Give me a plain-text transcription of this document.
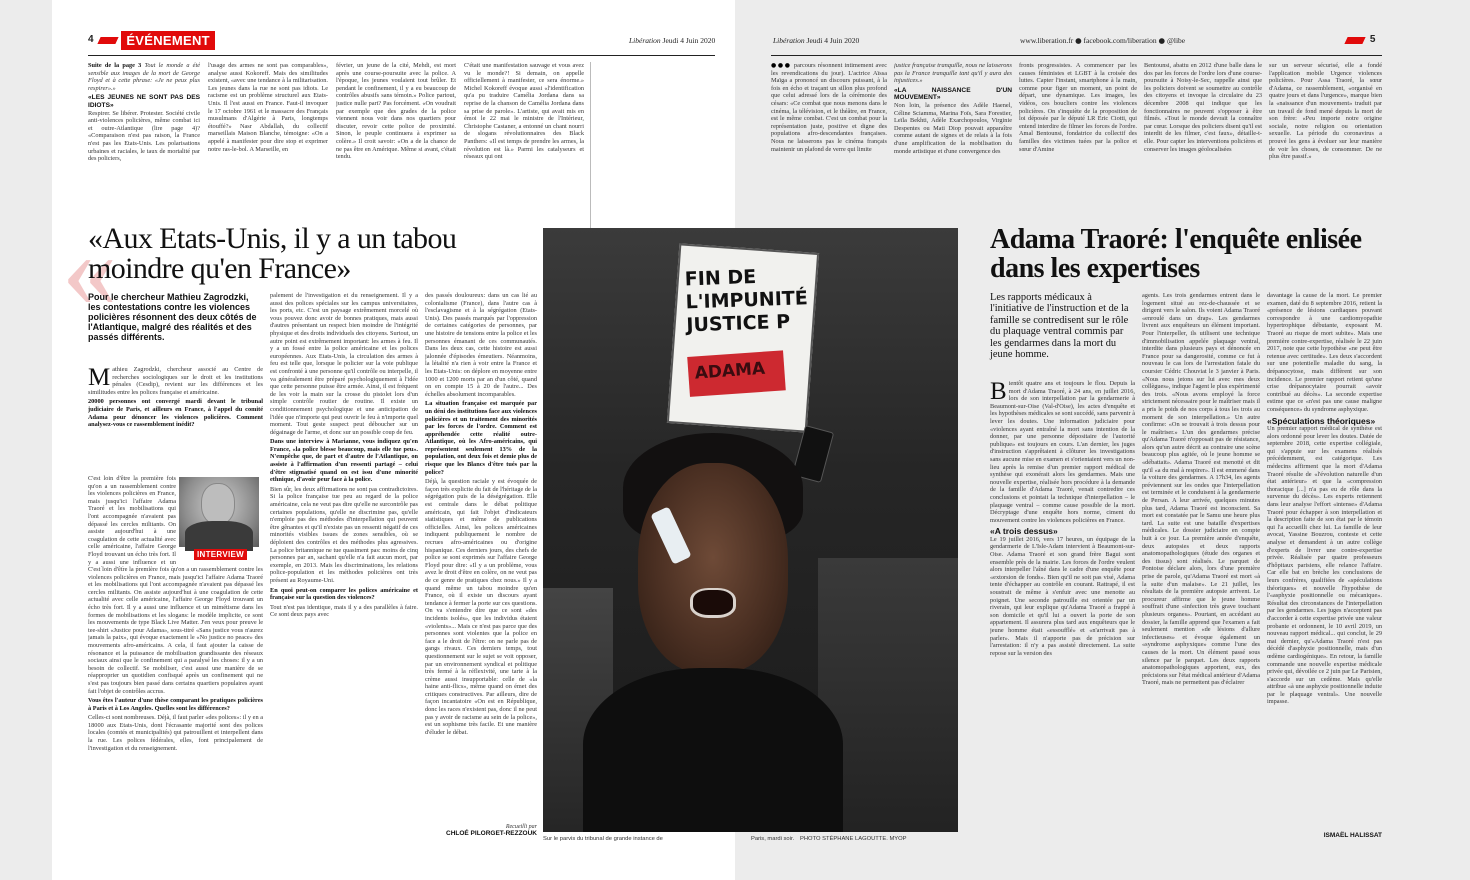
4	ÉVÉNEMENT	Libération Jeudi 4 Juin 2020
Suite de la page 3 Tout le monde a été sensible aux images de la mort de George Floyd et à cette phrase: «Je ne peux plus respirer».»
«LES JEUNES NE SONT PAS DES IDIOTS»
Respirer. Se libérer. Protester. Société civile anti-violences policières, même combat ici et outre-Atlantique (lire page 4)? «Comparaison n'est pas raison, la France n'est pas les Etats-Unis. Les polarisations urbaines et raciales, le taux de mortalité par des policiers,
l'usage des armes ne sont pas comparables», analyse aussi Kokoreff. Mais des similitudes existent, «avec une tendance à la militarisation. Les jeunes dans la rue ne sont pas idiots. Le racisme est un problème structurel aux Etats-Unis. Il l'est aussi en France. Faut-il invoquer le 17 octobre 1961 et le massacre des Français musulmans d'Algérie à Paris, longtemps étouffé?» Nasr Abdallah, du collectif marseillais Maison Blanche, témoigne: «On a appelé à manifester pour dire stop et exprimer notre ras-le-bol. A Marseille, en
février, un jeune de la cité, Mehdi, est mort après une course-poursuite avec la police. A l'époque, les jeunes voulaient tout brûler. Et pendant le confinement, il y a eu beaucoup de contrôles abusifs sans témoin.» Police partout, justice nulle part? Pas forcément. «On voudrait par exemple que des grades de la police viennent nous voir dans nos quartiers pour discuter, revoir cette police de proximité. Sinon, le peuple continuera à exprimer sa colère.» Il croit savoir: «On a de la chance de ne pas être en Amérique. Même si avant, c'était tendu.
C'était une manifestation sauvage et vous avez vu le monde?! Si demain, on appelle officiellement à manifester, ce sera énorme.» Michel Kokoreff évoque aussi «l'identification qu'a pu traduire Camélia Jordana dans sa reprise de la chanson de Camélia Jordana dans sa prise de parole». L'artiste, qui avait mis en émoi le 22 mai le ministre de l'Intérieur, Christophe Castaner, a entonné un chant nourri de slogans révolutionnaires des Black Panthers: «Il est temps de prendre les armes, la révolution est là.» Parmi les catalyseurs et réseaux qui ont
«
«Aux Etats-Unis, il y a un tabou moindre qu'en France»
Pour le chercheur Mathieu Zagrodzki, les contestations contre les violences policières résonnent des deux côtés de l'Atlantique, malgré des réalités et des passés différents.
M athieu Zagrodzki, chercheur associé au Centre de recherches sociologiques sur le droit et les institutions pénales (Cesdip), revient sur les différences et les similitudes entre les polices française et américaine.
20000 personnes ont convergé mardi devant le tribunal judiciaire de Paris, et ailleurs en France, à l'appel du comité Adama pour dénoncer les violences policières. Comment analysez-vous ce rassemblement inédit?
C'est loin d'être la première fois qu'on a un rassemblement contre les violences policières en France, mais jusqu'ici l'affaire Adama Traoré et les mobilisations qui l'ont accompagnée n'avaient pas dépassé les cercles militants. On assiste aujourd'hui à une coagulation de cette actualité avec celle américaine, l'affaire George Floyd trouvant un écho très fort. Il y a aussi une influence et un
INTERVIEW
C'est loin d'être la première fois qu'on a un rassemblement contre les violences policières en France, mais jusqu'ici l'affaire Adama Traoré et les mobilisations qui l'ont accompagnée n'avaient pas dépassé les cercles militants. On assiste aujourd'hui à une coagulation de cette actualité avec celle américaine, l'affaire George Floyd trouvant un écho très fort. Il y a aussi une influence et un mimétisme dans les formes de mobilisations et les slogans: le modèle implicite, ce sont les mouvements de type Black Live Matter. J'en veux pour preuve le tee-shirt «Justice pour Adama», sous-titré «Sans justice vous n'aurez jamais la paix», qui évoque exactement le «No justice no peace» des mouvements afro-américains. A cela, il faut ajouter la caisse de résonance et la puissance de mobilisation grandissante des réseaux sociaux ainsi que le confinement qui a paralysé les choses: il y a un besoin de collectif. Se mobiliser, c'est aussi une manière de se réapproprier un quotidien confisqué après un confinement qui ne s'est pas toujours bien passé dans certains quartiers populaires ayant fait l'objet de contrôles accrus.
Vous êtes l'auteur d'une thèse comparant les pratiques policières à Paris et à Los Angeles. Quelles sont les différences?
Celles-ci sont nombreuses. Déjà, il faut parler «des polices»: il y en a 18000 aux Etats-Unis, dont l'écrasante majorité sont des polices locales (comtés et municipalités) qui patrouillent et interpellent dans la rue. Les polices fédérales, elles, font principalement de l'investigation et du renseignement.
palement de l'investigation et du renseignement. Il y a aussi des polices spéciales sur les campus universitaires, les ports, etc. C'est un paysage extrêmement morcelé où vous pouvez donc avoir de bonnes pratiques, mais aussi d'autres présentant un respect bien moindre de l'intégrité physique et des droits individuels des citoyens. Surtout, un autre point est extrêmement important: les armes à feu. Il y a un fossé entre la police américaine et les polices européennes. Aux Etats-Unis, la circulation des armes à feu est telle que, lorsque le policier sur la voie publique est confronté à une personne qu'il contrôle ou interpelle, il va généralement être préparé psychologiquement à l'idée que cette personne puisse être armée. Ainsi, il est fréquent de les voir la main sur la crosse du pistolet lors d'un simple contrôle routier de routine. Il existe un conditionnement psychologique et une anticipation de l'idée que n'importe qui peut ouvrir le feu à n'importe quel moment. Tout geste suspect peut déboucher sur un dégainage de l'arme, et donc sur un possible coup de feu.
Dans une interview à Marianne, vous indiquez qu'en France, «la police blesse beaucoup, mais elle tue peu». N'empêche que, de part et d'autre de l'Atlantique, on assiste à l'affirmation d'un ressenti partagé – celui d'être stigmatisé quand on est issu d'une minorité ethnique, d'avoir peur face à la police.
Bien sûr, les deux affirmations ne sont pas contradictoires. Si la police française tue peu au regard de la police américaine, cela ne veut pas dire qu'elle ne surcontrôle pas certaines populations, qu'elle ne discrimine pas, qu'elle n'emploie pas des méthodes d'interpellation qui peuvent être gênantes et qu'il n'existe pas un ressenti négatif de ces minorités visibles issues de zones sensibles, où se déploient des contrôles et des méthodes plus agressives. La police britannique ne tue quasiment pas: moins de cinq personnes par an, sachant qu'elle n'a fait aucun mort, par exemple, en 2013. Mais les discriminations, les relations police-population et les méthodes policières ont très présent au Royaume-Uni.
En quoi peut-on comparer les polices américaine et française sur la question des violences?
Tout n'est pas identique, mais il y a des parallèles à faire. Ce sont deux pays avec
des passés douloureux: dans un cas lié au colonialisme (France), dans l'autre cas à l'esclavagisme et à la ségrégation (Etats-Unis). Des passés marqués par l'oppression de certaines catégories de personnes, par une histoire de tensions entre la police et les personnes émanant de ces communautés. Dans les deux cas, cette histoire est aussi jalonnée d'épisodes émeutiers. Néanmoins, la létalité n'a rien à voir entre la France et les Etats-Unis: on déplore en moyenne entre 1000 et 1200 morts par an d'un côté, quand on en compte 15 à 20 de l'autre... Des échelles absolument incomparables.
La situation française est marquée par un déni des institutions face aux violences policières et un traitement des minorités par les forces de l'ordre. Comment est appréhendée cette réalité outre-Atlantique, où les Afro-américains, qui représentent seulement 13% de la population, ont deux fois et demie plus de risque que les Blancs d'être tués par la police?
Déjà, la question raciale y est évoquée de façon très explicite du fait de l'héritage de la ségrégation puis de la déségrégation. Elle est centrale dans le débat politique américain, qui fait l'objet d'indicateurs statistiques et même de publications officielles. Ainsi, les polices américaines indiquent publiquement le nombre de recrues afro-américaines ou d'origine hispanique. Ces derniers jours, des chefs de police se sont exprimés sur l'affaire George Floyd pour dire: «Il y a un problème, vous avez le droit d'être en colère, on ne veut pas de ce genre de pratiques chez nous.» Il y a quand même un tabou moindre qu'en France, où il existe un discours ayant tendance à fermer la porte sur ces questions. On va s'entendre dire que ce sont «des incidents isolés», que les individus étaient «violents»... Mais ce n'est pas parce que des personnes sont violentes que la police en face a le droit de l'être: on ne parle pas de gangs rivaux. Ces derniers temps, tout questionnement sur le sujet se voit opposer, par un environnement syndical et politique très fermé à la réflexivité, une tarte à la crème aussi insupportable: celle de «la haine anti-flics», même quand on émet des critiques constructives. Par ailleurs, dire de façon incantatoire «On est en République, donc les races n'existent pas, donc il ne peut pas y avoir de racisme au sein de la police», est un sophisme très facile. Et une manière d'éluder le débat.
Recueilli par
CHLOÉ PILORGET-REZZOUK
Sur le parvis du tribunal de grande instance de
FIN DE L'IMPUNITÉ JUSTICE P
ADAMA
Libération Jeudi 4 Juin 2020	www.liberation.fr ● facebook.com/liberation ● @libe	5
●●● parcours résonnent intimement avec les revendications du jour). L'actrice Aïssa Maïga a prononcé un discours puissant, à la fois en écho et traçant un sillon plus profond que celui adressé lors de la cérémonie des césars: «Ce combat que nous menons dans le cinéma, la télévision, et le théâtre, en France, est le même combat. C'est un combat pour la représentation juste, positive et digne des populations afro-descendantes françaises. Nous ne laisserons pas le cinéma français maintenir un plafond de verre qui limite
justice française tranquille, nous ne laisserons pas la France tranquille tant qu'il y aura des injustices.»
«LA NAISSANCE D'UN MOUVEMENT»
Non loin, la présence des Adèle Haenel, Céline Sciamma, Marina Foïs, Sara Forestier, Leïla Bekhti, Adèle Exarchopoulos, Virginie Despentes ou Mati Diop pouvait apparaître comme autant de signes et de relais à la fois d'une amplification de la mobilisation du monde artistique et d'une convergence des
fronts progressistes. A commencer par les causes féministes et LGBT à la croisée des luttes. Capter l'instant, smartphone à la main, comme pour figer un moment, un point de départ, une dynamique. Les images, les vidéos, ces boucliers contre les violences policières. On s'inquiète de la proposition de loi déposée par le député LR Eric Ciotti, qui entend interdire de filmer les forces de l'ordre. Amal Bentounsi, fondatrice du collectif des familles des victimes tuées par la police et sœur d'Amine
Bentounsi, abattu en 2012 d'une balle dans le dos par les forces de l'ordre lors d'une course-poursuite à Noisy-le-Sec, rappelle ainsi que les policiers doivent se soumettre au contrôle des citoyens et invoque la circulaire du 23 décembre 2008 qui indique que les fonctionnaires ne peuvent s'opposer à être filmés. «Tout le monde devrait la connaître par cœur. Lorsque des policiers disent qu'il est interdit de les filmer, c'est faux», détaille-t-elle. Pour capter les interventions policières et conserver les images géolocalisées
sur un serveur sécurisé, elle a fondé l'application mobile Urgence violences policières. Pour Assa Traoré, la sœur d'Adama, ce rassemblement, «organisé en quatre jours et dans l'urgence», marque bien la «naissance d'un mouvement» traduit par un travail de fond mené depuis la mort de son frère: «Peu importe notre origine sociale, notre religion ou orientation sexuelle. La période du coronavirus a prouvé les gens à évoluer sur leur manière de voir les choses, de consommer. De ne plus être passif.»
Paris, mardi soir. PHOTO STÉPHANE LAGOUTTE. MYOP
Adama Traoré: l'enquête enlisée dans les expertises
Les rapports médicaux à l'initiative de l'instruction et de la famille se contredisent sur le rôle du plaquage ventral commis par les gendarmes dans la mort du jeune homme.
B ientôt quatre ans et toujours le flou. Depuis la mort d'Adama Traoré, à 24 ans, en juillet 2016, lors de son interpellation par la gendarmerie à Beaumont-sur-Oise (Val-d'Oise), les actes d'enquête et les hypothèses médicales se sont succédé, sans parvenir à lever les doutes. Une information judiciaire pour «violences ayant entraîné la mort sans intention de la donner, par une personne dépositaire de l'autorité publique» est toujours en cours. L'an dernier, les juges d'instruction s'apprêtaient à clôturer les investigations sans aucune mise en examen et s'orientaient vers un non-lieu après la remise d'un premier rapport médical de synthèse qui exonérait alors les gendarmes. Mais une nouvelle expertise, réalisée hors procédure à la demande de la famille d'Adama Traoré, venait contredire ces conclusions et pointait la technique d'interpellation – le plaquage ventral – comme cause possible de la mort. Décryptage d'une enquête hors norme, ciment du mouvement contre les violences policières en France.
«A trois dessus»
Le 19 juillet 2016, vers 17 heures, un équipage de la gendarmerie de L'Isle-Adam intervient à Beaumont-sur-Oise. Adama Traoré et son grand frère Bagui sont ensemble près de la mairie. Les forces de l'ordre veulent alors interpeller l'aîné dans le cadre d'une enquête pour «extorsion de fonds». Bien qu'il ne soit pas visé, Adama tente d'échapper au contrôle en courant. Rattrapé, il est soustrait de même à s'enfuir avec une menotte au poignet. Une seconde patrouille est orientée par un riverain, qui leur explique qu'Adama Traoré a frappé à son domicile et qu'il lui a ouvert la porte de son appartement. Il assurera plus tard aux enquêteurs que le jeune homme était «essoufflé» et «n'arrivait pas à parler». Mais il n'apporte pas de précision sur l'arrestation: il n'y a pas assisté directement. La suite repose sur la version des
agents. Les trois gendarmes entrent dans le logement situé au rez-de-chaussée et se dirigent vers le salon. Ils voient Adama Traoré «enroulé dans un drap». Les gendarmes livrent aux enquêteurs un élément important. Pour l'interpeller, ils utilisent une technique d'immobilisation appelée plaquage ventral, interdite dans plusieurs pays et dénoncée en France pour sa dangerosité, comme ce fut à nouveau le cas lors de l'arrestation fatale du coursier Cédric Chouviat le 3 janvier à Paris. «Nous nous jetons sur lui avec mes deux collègues», indique l'agent le plus expérimenté des trois. «Nous avons employé la force strictement nécessaire pour le maîtriser mais il a pris le poids de nos corps à tous les trois au moment de son interpellation.» Un autre confirme: «On se trouvait à trois dessus pour le maîtriser.» L'un des gendarmes précise qu'Adama Traoré n'opposait pas de résistance, alors qu'un autre décrit au contraire une scène beaucoup plus agitée, où le jeune homme se «débattait». Adama Traoré est menotté et dit qu'il «a du mal à respirer». Il est emmené dans la voiture des gendarmes. A 17h34, les agents préviennent sur les ondes que l'interpellation est terminée et le conduisent à la gendarmerie de Persan. A leur arrivée, quelques minutes plus tard, Adama Traoré est inconscient. Sa mort est constatée par le Samu une heure plus tard. La suite est une bataille d'expertises médicales. Le dossier judiciaire en compte huit à ce jour. La première année d'enquête, deux autopsies et deux rapports anatomopathologiques (étude des organes et des tissus) sont réalisés. Le parquet de Pontoise déclare alors, lors d'une première prise de parole, qu'Adama Traoré est mort «à la suite d'un malaise». Le 21 juillet, les résultats de la première autopsie arrivent. Le procureur affirme que le jeune homme souffrait d'une «infection très grave touchant plusieurs organes». Pourtant, en accédant au dossier, la famille apprend que l'examen a fait seulement mention «de lésions d'allure infectieuses» et évoque également un «syndrome asphyxique» comme l'une des causes de la mort. Un élément passé sous silence par le parquet. Les deux rapports anatomopathologiques apportent, eux, des précisions sur l'état médical antérieur d'Adama Traoré, mais ne permettent pas d'éclairer
davantage la cause de la mort. Le premier examen, daté du 8 septembre 2016, retient la «présence de lésions cardiaques pouvant correspondre à une cardiomyopathie hypertrophique débutante, exposant M. Traoré au risque de mort subite». Mais une première contre-expertise, réalisée le 22 juin 2017, note que cette hypothèse «ne peut être retenue avec certitude». Les deux s'accordent sur une potentielle maladie du sang, la drépanocytose, mais diffèrent sur son incidence. Le premier rapport retient qu'une crise drépanocytaire pourrait «avoir contribué au décès». La seconde expertise estime que ce «n'est pas une cause maligne conséquence» du syndrome asphyxique.
«Spéculations théoriques»
Un premier rapport médical de synthèse est alors ordonné pour lever les doutes. Datée de septembre 2018, cette expertise collégiale, qui s'appuie sur les examens réalisés précédemment, est catégorique. Les médecins affirment que la mort d'Adama Traoré résulte de «l'évolution naturelle d'un état antérieur» et que la «compression thoracique [...] n'a pas eu de rôle dans la survenue du décès». Les experts retiennent dans leur analyse l'effort «intense» d'Adama Traoré pour échapper à son interpellation et la description faite de son état par le témoin qui l'a accueilli chez lui. La famille de leur avocat, Yassine Bouzrou, conteste et cette analyse et demandent à un autre collège d'experts de livrer une contre-expertise privée. Réalisée par quatre professeurs d'hôpitaux parisiens, elle relance l'affaire. Car elle bat en brèche les conclusions de leurs confrères, qualifiées de «spéculations théoriques» et nouvelle l'hypothèse de l'«asphyxie positionnelle ou mécanique». Résultat des circonstances de l'interpellation par les gendarmes. Les juges n'acceptent pas d'accorder à cette expertise privée une valeur probante et ordonnent, le 10 avril 2019, un nouveau rapport médical... qui conclut, le 29 mai dernier, qu'«Adama Traoré n'est pas décédé d'asphyxie positionnelle, mais d'un œdème cardiogénique». En retour, la famille commande une nouvelle expertise médicale privée qui, dévoilée ce 2 juin par Le Parisien, s'accorde sur un cedème. Mais qu'elle attribue «à une asphyxie positionnelle induite par le plaquage ventral». Une nouvelle impasse.
ISMAËL HALISSAT
